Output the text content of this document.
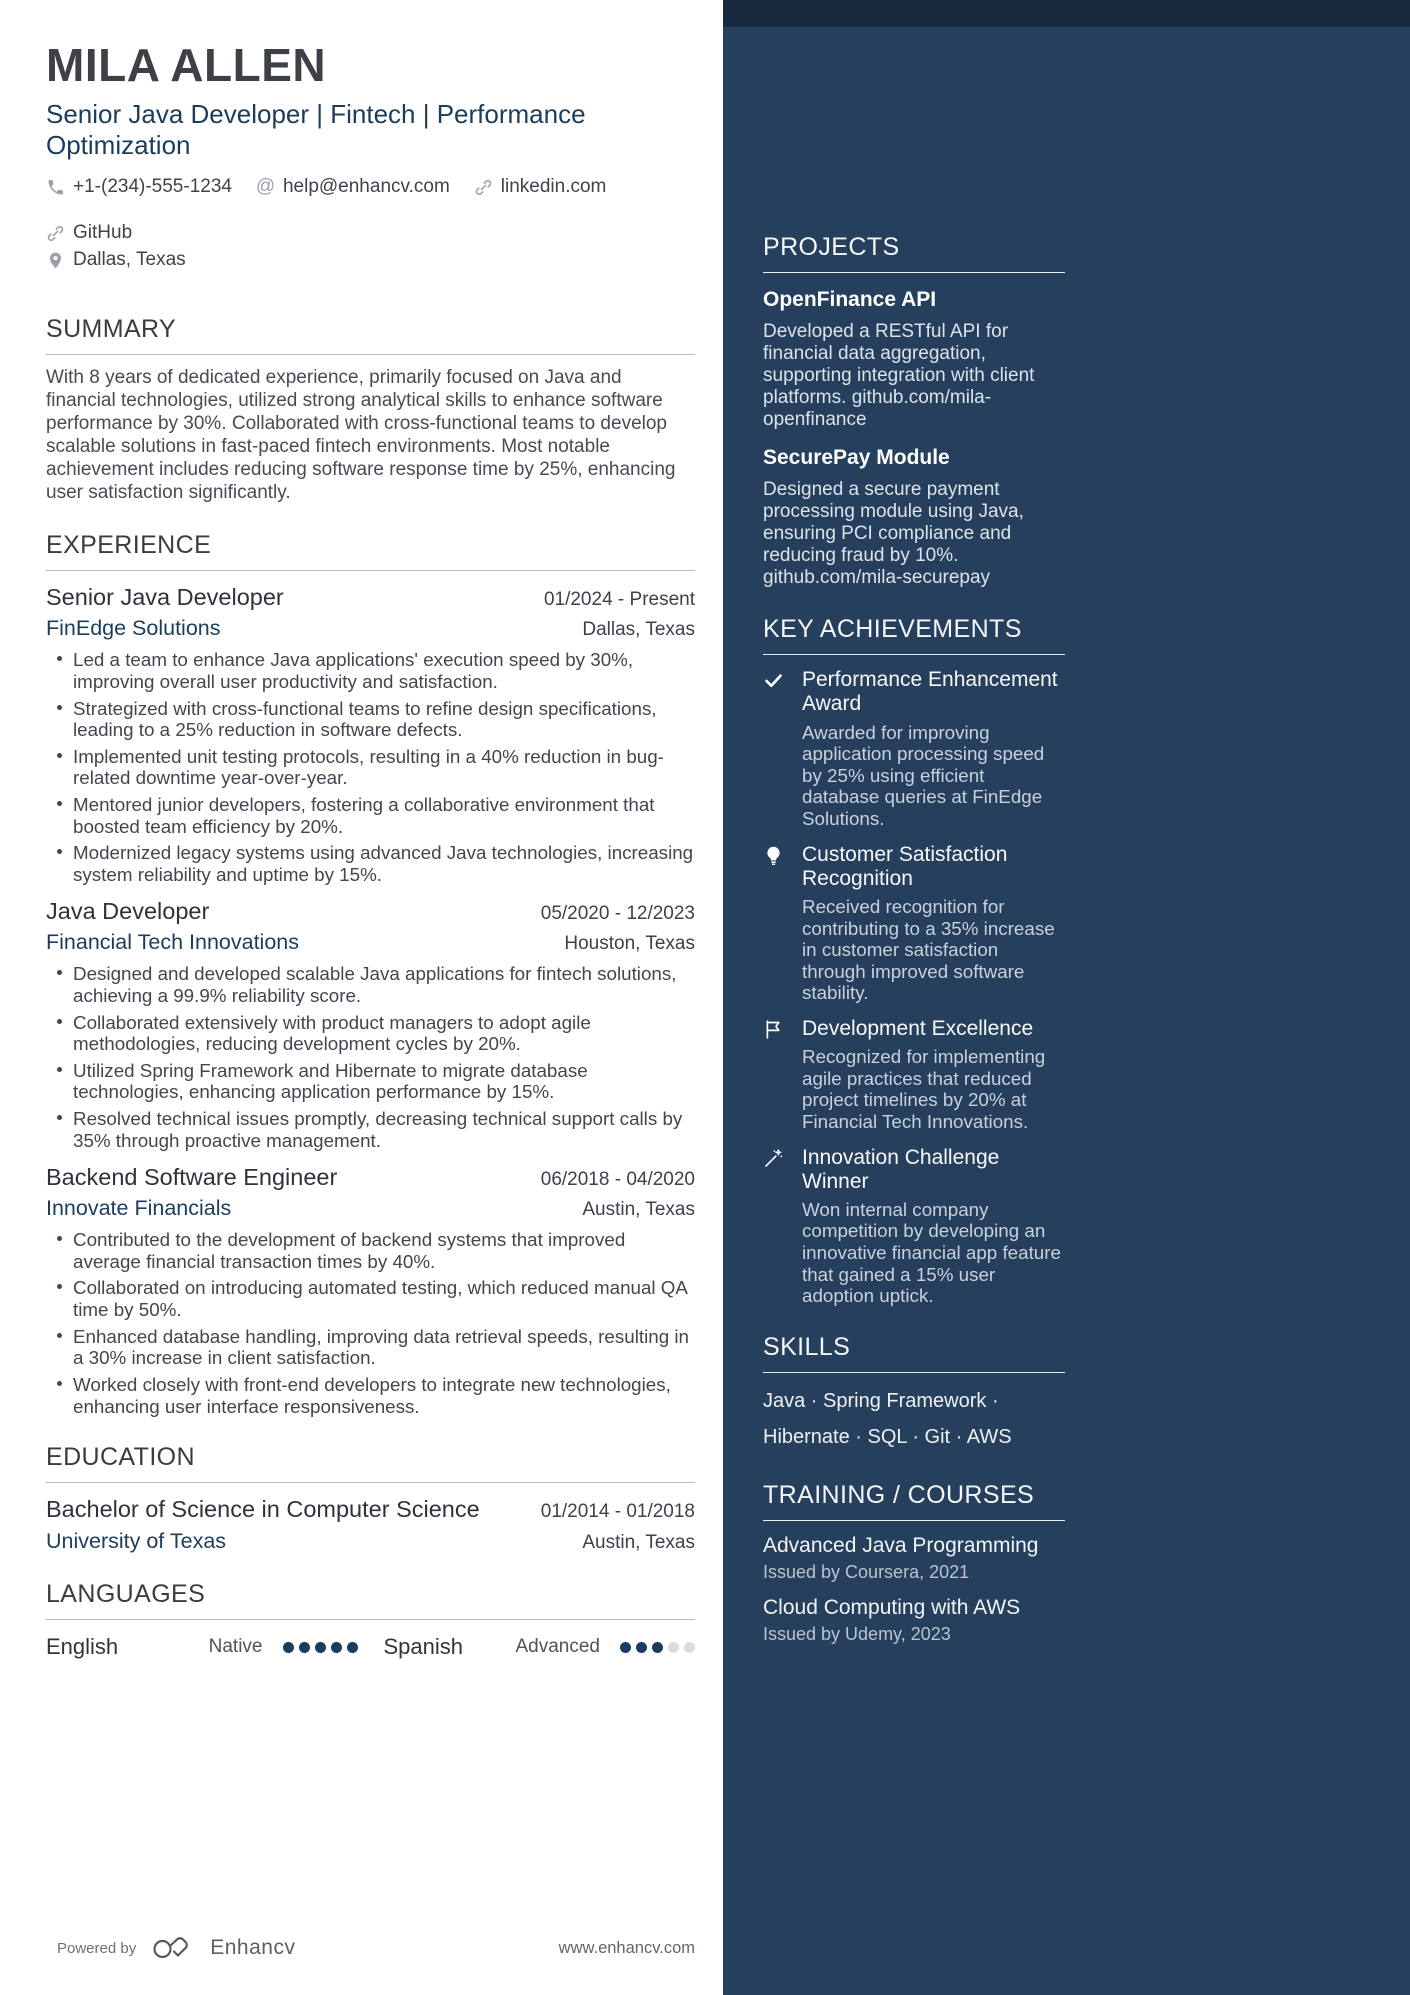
MILA ALLEN
Senior Java Developer | Fintech | Performance Optimization
+1-(234)-555-1234 @ help@enhancv.com	linkedin.com
GitHub
Dallas, Texas
SUMMARY
With 8 years of dedicated experience, primarily focused on Java and financial technologies, utilized strong analytical skills to enhance software performance by 30%. Collaborated with cross-functional teams to develop scalable solutions in fast-paced fintech environments. Most notable achievement includes reducing software response time by 25%, enhancing user satisfaction significantly.
EXPERIENCE
Senior Java Developer	01/2024 - Present
FinEdge Solutions	Dallas, Texas
Led a team to enhance Java applications' execution speed by 30%, improving overall user productivity and satisfaction.
Strategized with cross-functional teams to refine design specifications, leading to a 25% reduction in software defects.
Implemented unit testing protocols, resulting in a 40% reduction in bug-related downtime year-over-year.
Mentored junior developers, fostering a collaborative environment that boosted team efficiency by 20%.
Modernized legacy systems using advanced Java technologies, increasing system reliability and uptime by 15%.
Java Developer	05/2020 - 12/2023
Financial Tech Innovations	Houston, Texas
Designed and developed scalable Java applications for fintech solutions, achieving a 99.9% reliability score.
Collaborated extensively with product managers to adopt agile methodologies, reducing development cycles by 20%.
Utilized Spring Framework and Hibernate to migrate database technologies, enhancing application performance by 15%.
Resolved technical issues promptly, decreasing technical support calls by 35% through proactive management.
Backend Software Engineer	06/2018 - 04/2020
Innovate Financials	Austin, Texas
Contributed to the development of backend systems that improved average financial transaction times by 40%.
Collaborated on introducing automated testing, which reduced manual QA time by 50%.
Enhanced database handling, improving data retrieval speeds, resulting in a 30% increase in client satisfaction.
Worked closely with front-end developers to integrate new technologies, enhancing user interface responsiveness.
EDUCATION
Bachelor of Science in Computer Science	01/2014 - 01/2018
University of Texas	Austin, Texas
LANGUAGES
English	Native	Spanish	Advanced
Powered by	Enhancv	www.enhancv.com
PROJECTS
OpenFinance API
Developed a RESTful API for financial data aggregation, supporting integration with client platforms. github.com/mila-openfinance
SecurePay Module
Designed a secure payment processing module using Java, ensuring PCI compliance and reducing fraud by 10%. github.com/mila-securepay
KEY ACHIEVEMENTS
Performance Enhancement Award
Awarded for improving application processing speed by 25% using efficient database queries at FinEdge Solutions.
Customer Satisfaction Recognition
Received recognition for contributing to a 35% increase in customer satisfaction through improved software stability.
Development Excellence
Recognized for implementing agile practices that reduced project timelines by 20% at Financial Tech Innovations.
Innovation Challenge Winner
Won internal company competition by developing an innovative financial app feature that gained a 15% user adoption uptick.
SKILLS
Java · Spring Framework · Hibernate · SQL · Git · AWS
TRAINING / COURSES
Advanced Java Programming
Issued by Coursera, 2021
Cloud Computing with AWS
Issued by Udemy, 2023
